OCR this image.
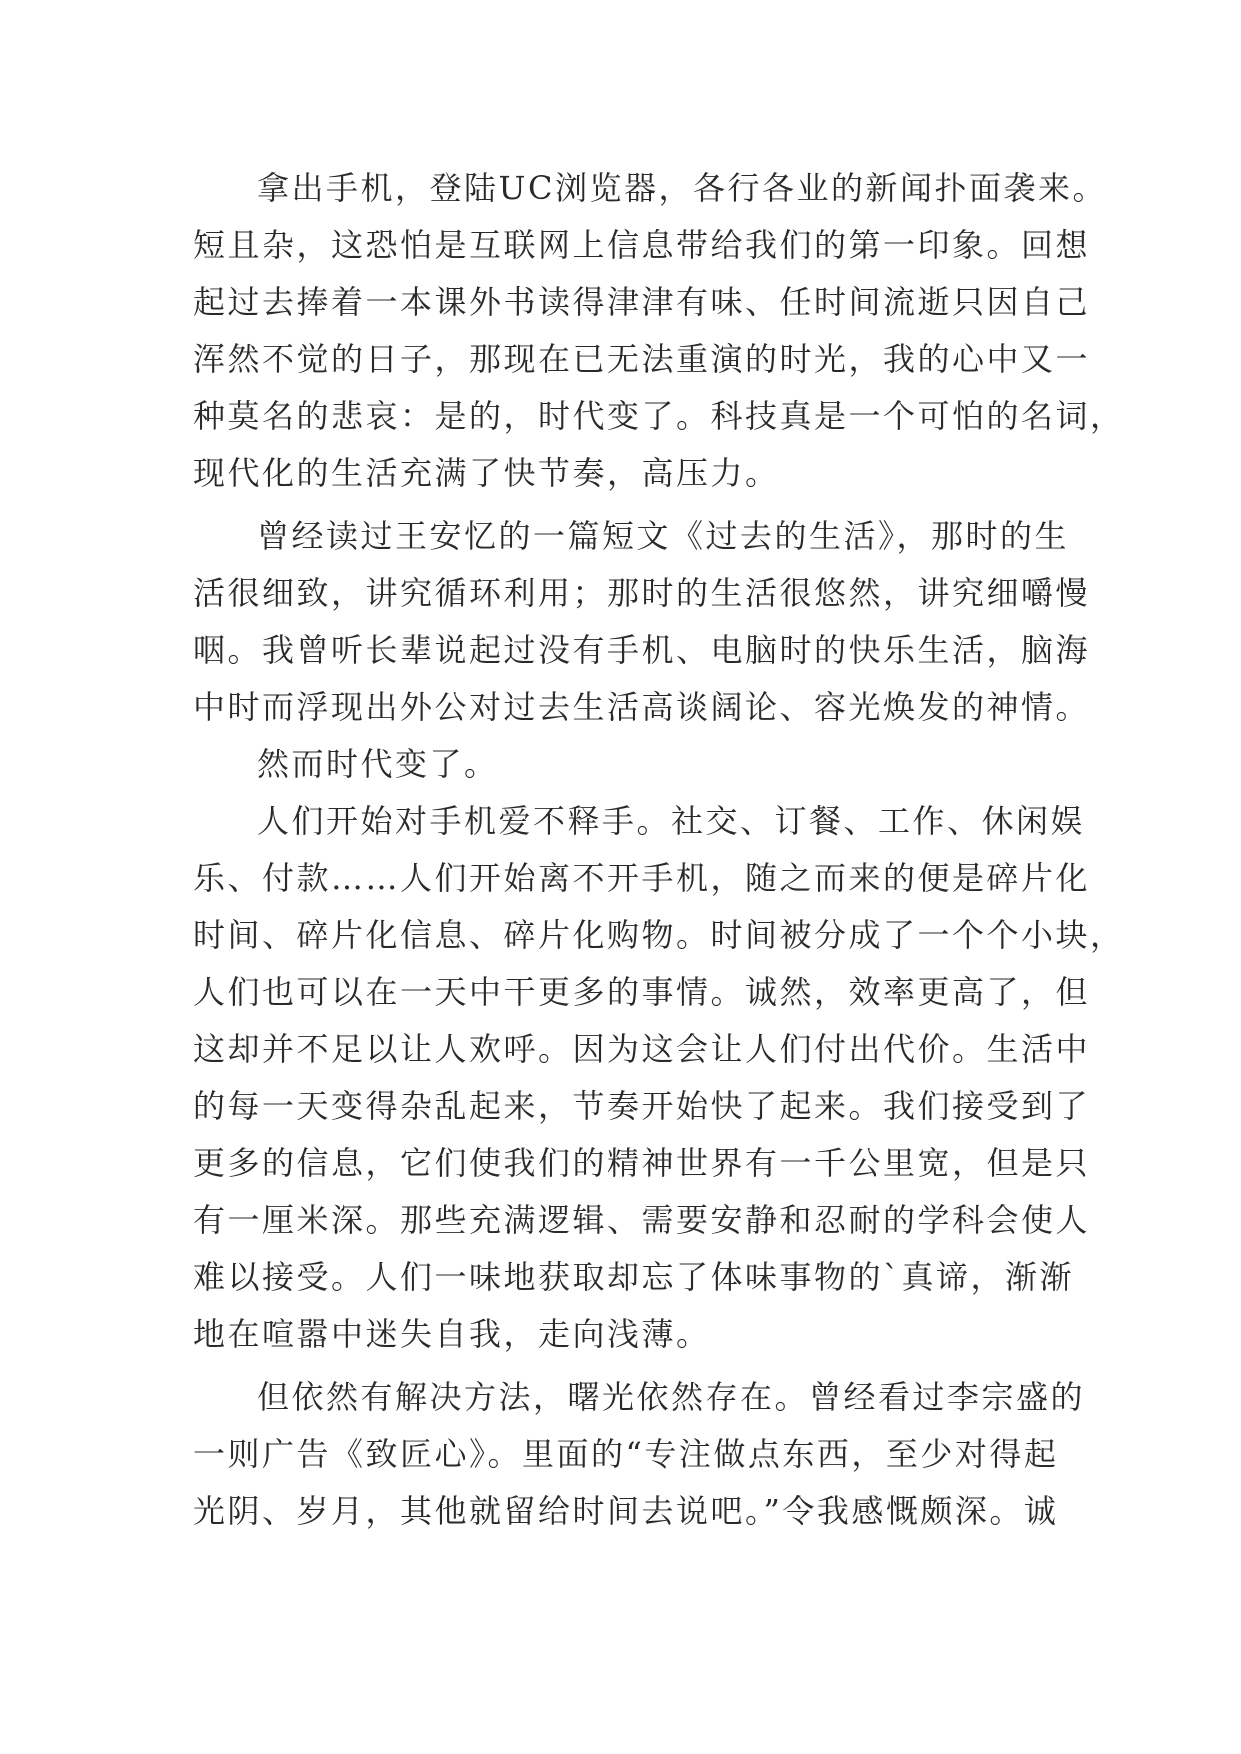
拿出手机，登陆UC浏览器，各行各业的新闻扑面袭来。
短且杂，这恐怕是互联网上信息带给我们的第一印象。回想
起过去捧着一本课外书读得津津有味、任时间流逝只因自己
浑然不觉的日子，那现在已无法重演的时光，我的心中又一
种莫名的悲哀：是的，时代变了。科技真是一个可怕的名词，
现代化的生活充满了快节奏，高压力。
曾经读过王安忆的一篇短文《过去的生活》，那时的生
活很细致，讲究循环利用；那时的生活很悠然，讲究细嚼慢
咽。我曾听长辈说起过没有手机、电脑时的快乐生活，脑海
中时而浮现出外公对过去生活高谈阔论、容光焕发的神情。
然而时代变了。
人们开始对手机爱不释手。社交、订餐、工作、休闲娱
乐、付款……人们开始离不开手机，随之而来的便是碎片化
时间、碎片化信息、碎片化购物。时间被分成了一个个小块，
人们也可以在一天中干更多的事情。诚然，效率更高了，但
这却并不足以让人欢呼。因为这会让人们付出代价。生活中
的每一天变得杂乱起来，节奏开始快了起来。我们接受到了
更多的信息，它们使我们的精神世界有一千公里宽，但是只
有一厘米深。那些充满逻辑、需要安静和忍耐的学科会使人
难以接受。人们一味地获取却忘了体味事物的`真谛，渐渐
地在喧嚣中迷失自我，走向浅薄。
但依然有解决方法，曙光依然存在。曾经看过李宗盛的
一则广告《致匠心》。里面的“专注做点东西，至少对得起
光阴、岁月，其他就留给时间去说吧。”令我感慨颇深。诚
